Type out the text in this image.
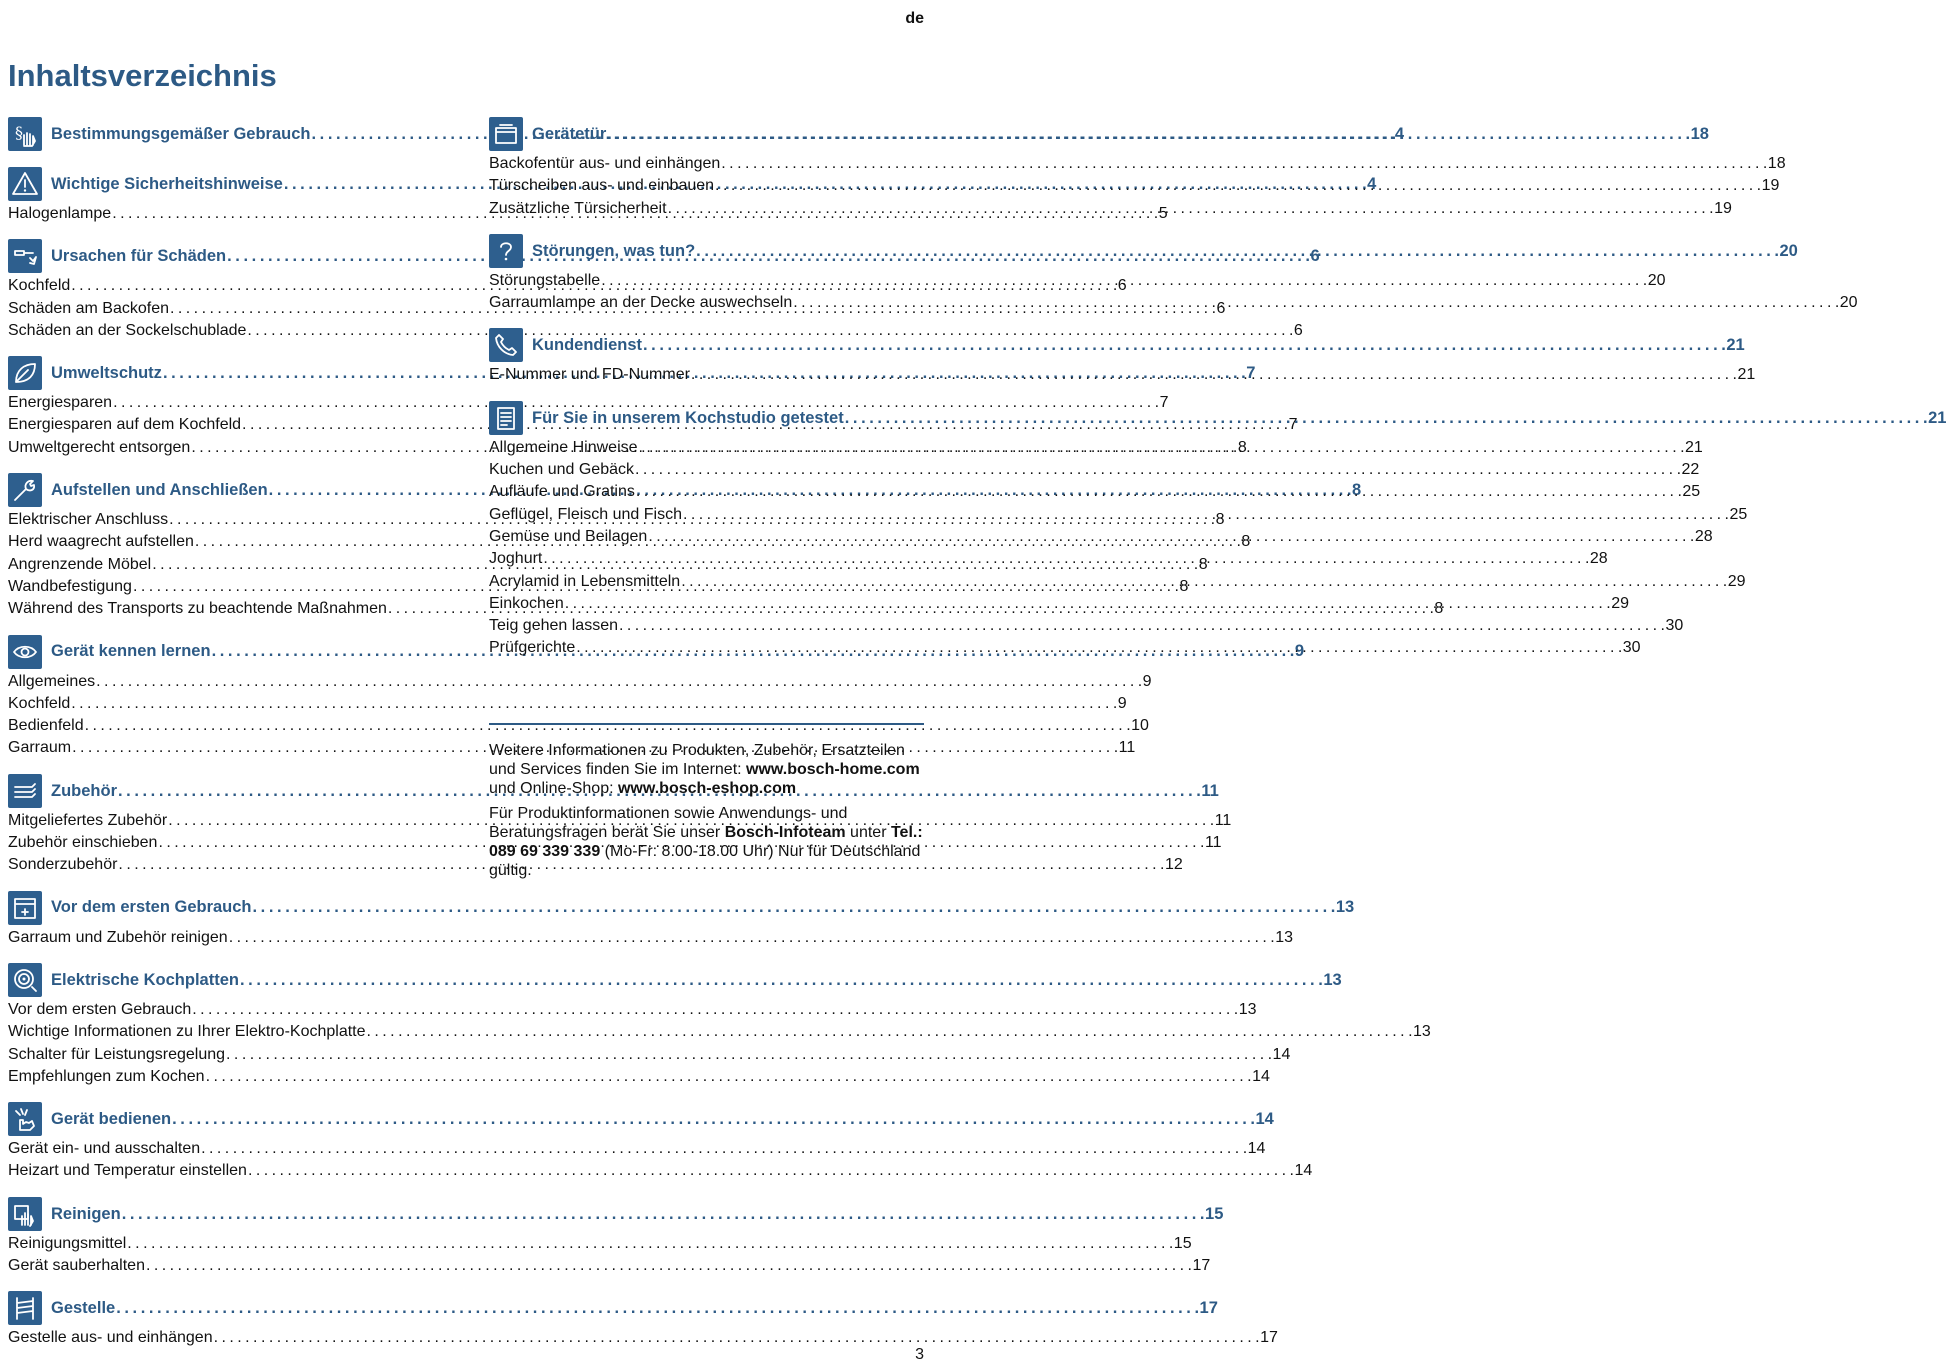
de
Inhaltsverzeichnis
§ Bestimmungsgemäßer Gebrauch . . .	4
Wichtige Sicherheitshinweise . . .	4
Halogenlampe . . .	5
Ursachen für Schäden . . .	6
Kochfeld . . .	6
Schäden am Backofen . . .	6
Schäden an der Sockelschublade . . .	6
Umweltschutz . . .	7
Energiesparen . . .	7
Energiesparen auf dem Kochfeld . . .	7
Umweltgerecht entsorgen . . .	8
Aufstellen und Anschließen . . .	8
Elektrischer Anschluss . . .	8
Herd waagrecht aufstellen . . .	8
Angrenzende Möbel . . .	8
Wandbefestigung . . .	8
Während des Transports zu beachtende Maßnahmen . . .	8
Gerät kennen lernen . . .	9
Allgemeines . . .	9
Kochfeld . . .	9
Bedienfeld . . .	10
Garraum . . .	11
Zubehör . . .	11
Mitgeliefertes Zubehör . . .	11
Zubehör einschieben . . .	11
Sonderzubehör . . .	12
Vor dem ersten Gebrauch . . .	13
Garraum und Zubehör reinigen . . .	13
Elektrische Kochplatten . . .	13
Vor dem ersten Gebrauch . . .	13
Wichtige Informationen zu Ihrer Elektro-Kochplatte . . .	13
Schalter für Leistungsregelung . . .	14
Empfehlungen zum Kochen . . .	14
Gerät bedienen . . .	14
Gerät ein- und ausschalten . . .	14
Heizart und Temperatur einstellen . . .	14
Reinigen . . .	15
Reinigungsmittel . . .	15
Gerät sauberhalten . . .	17
Gestelle . . .	17
Gestelle aus- und einhängen . . .	17
Gerätetür . . .	18
Backofentür aus- und einhängen . . .	18
Türscheiben aus- und einbauen . . .	19
Zusätzliche Türsicherheit . . .	19
Störungen, was tun? . . .	20
Störungstabelle . . .	20
Garraumlampe an der Decke auswechseln . . .	20
Kundendienst . . .	21
E-Nummer und FD-Nummer . . .	21
Für Sie in unserem Kochstudio getestet . . .	21
Allgemeine Hinweise . . .	21
Kuchen und Gebäck . . .	22
Aufläufe und Gratins . . .	25
Geflügel, Fleisch und Fisch . . .	25
Gemüse und Beilagen . . .	28
Joghurt . . .	28
Acrylamid in Lebensmitteln . . .	29
Einkochen . . .	29
Teig gehen lassen . . .	30
Prüfgerichte . . .	30

Weitere Informationen zu Produkten, Zubehör, Ersatzteilen und Services finden Sie im Internet: www.bosch-home.com und Online-Shop: www.bosch-eshop.com

Für Produktinformationen sowie Anwendungs- und Beratungsfragen berät Sie unser Bosch-Infoteam unter Tel.: 089 69 339 339 (Mo-Fr: 8.00-18.00 Uhr) Nur für Deutschland gültig.

3
